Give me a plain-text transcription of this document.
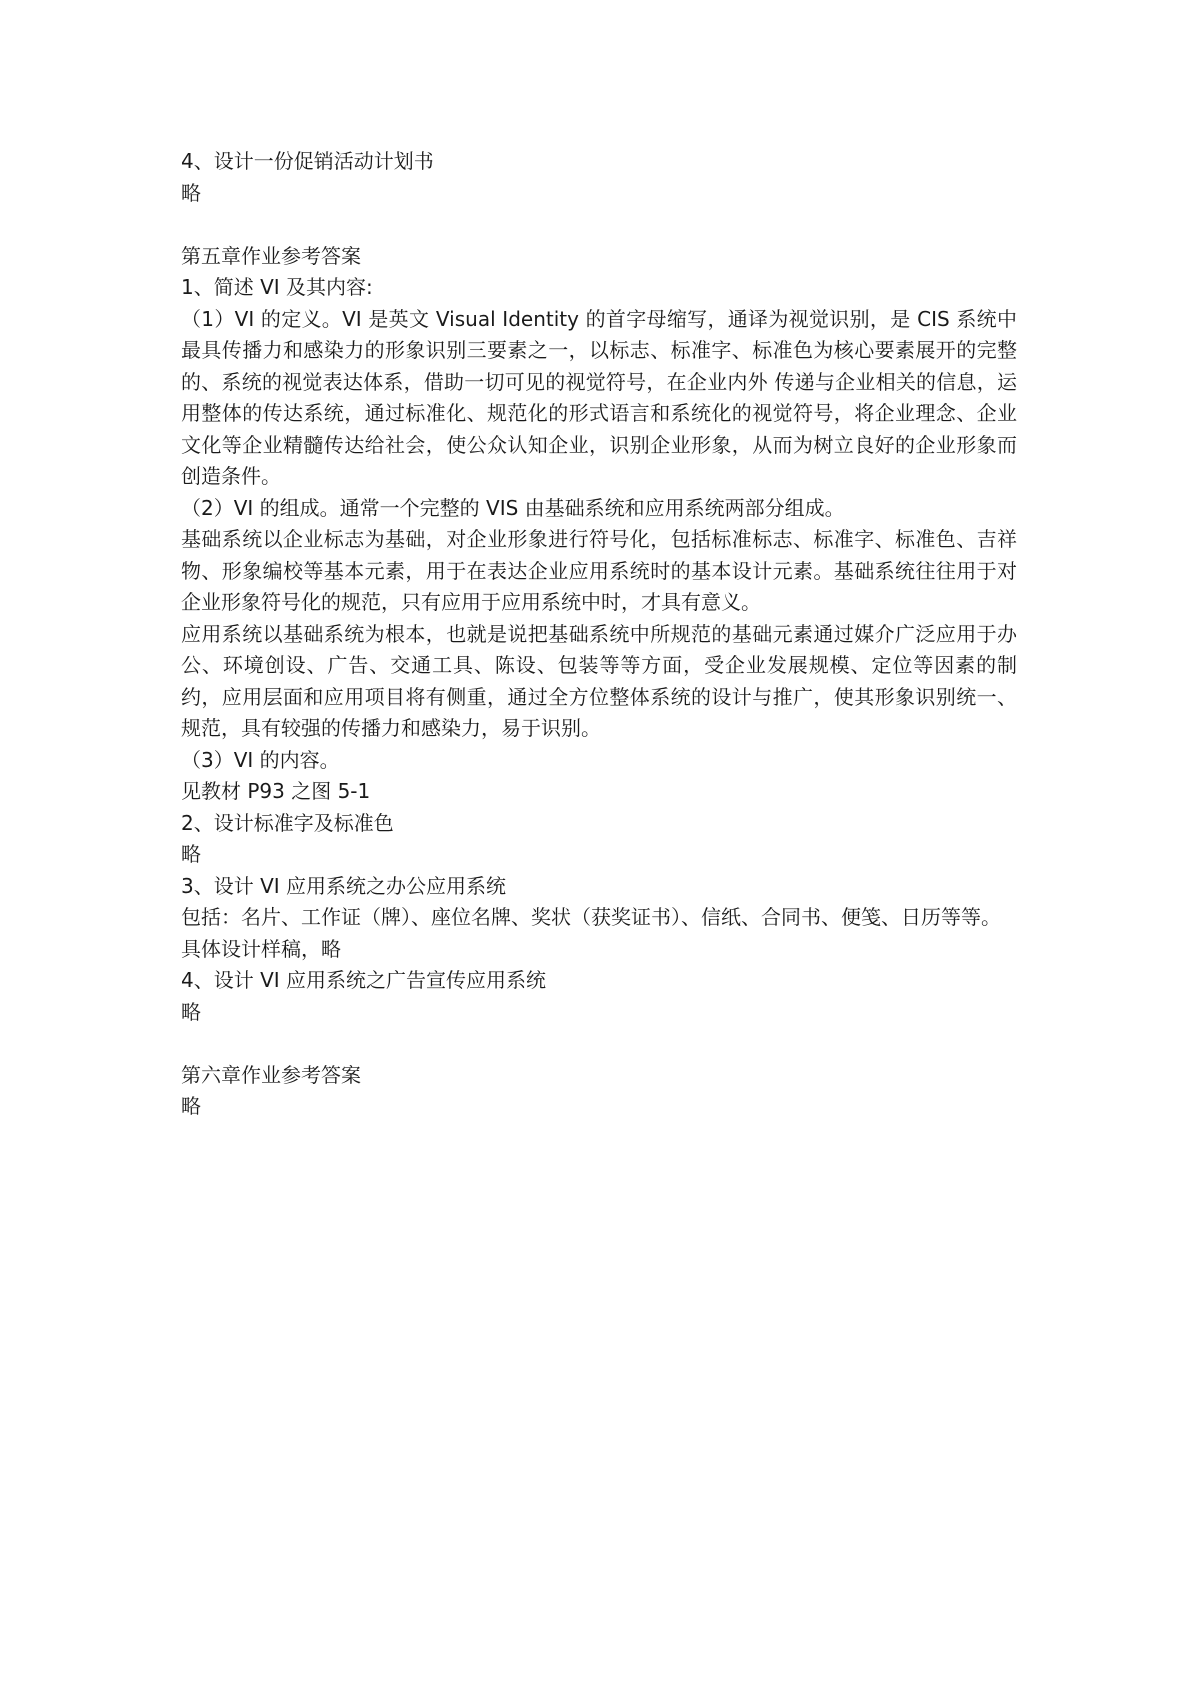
4、设计一份促销活动计划书

略

第五章作业参考答案

1、简述 VI 及其内容:

（1）VI 的定义。VI 是英文 Visual Identity 的首字母缩写，通译为视觉识别，是 CIS 系统中最具传播力和感染力的形象识别三要素之一，以标志、标准字、标准色为核心要素展开的完整的、系统的视觉表达体系，借助一切可见的视觉符号，在企业内外 传递与企业相关的信息，运用整体的传达系统，通过标准化、规范化的形式语言和系统化的视觉符号，将企业理念、企业文化等企业精髓传达给社会，使公众认知企业，识别企业形象，从而为树立良好的企业形象而创造条件。

（2）VI 的组成。通常一个完整的 VIS 由基础系统和应用系统两部分组成。

基础系统以企业标志为基础，对企业形象进行符号化，包括标准标志、标准字、标准色、吉祥物、形象编校等基本元素，用于在表达企业应用系统时的基本设计元素。基础系统往往用于对企业形象符号化的规范，只有应用于应用系统中时，才具有意义。

应用系统以基础系统为根本，也就是说把基础系统中所规范的基础元素通过媒介广泛应用于办公、环境创设、广告、交通工具、陈设、包装等等方面，受企业发展规模、定位等因素的制约，应用层面和应用项目将有侧重，通过全方位整体系统的设计与推广，使其形象识别统一、规范，具有较强的传播力和感染力，易于识别。

（3）VI 的内容。

见教材 P93 之图 5-1

2、设计标准字及标准色

略

3、设计 VI 应用系统之办公应用系统

包括：名片、工作证（牌）、座位名牌、奖状（获奖证书）、信纸、合同书、便笺、日历等等。

具体设计样稿，略

4、设计 VI 应用系统之广告宣传应用系统

略

第六章作业参考答案

略
